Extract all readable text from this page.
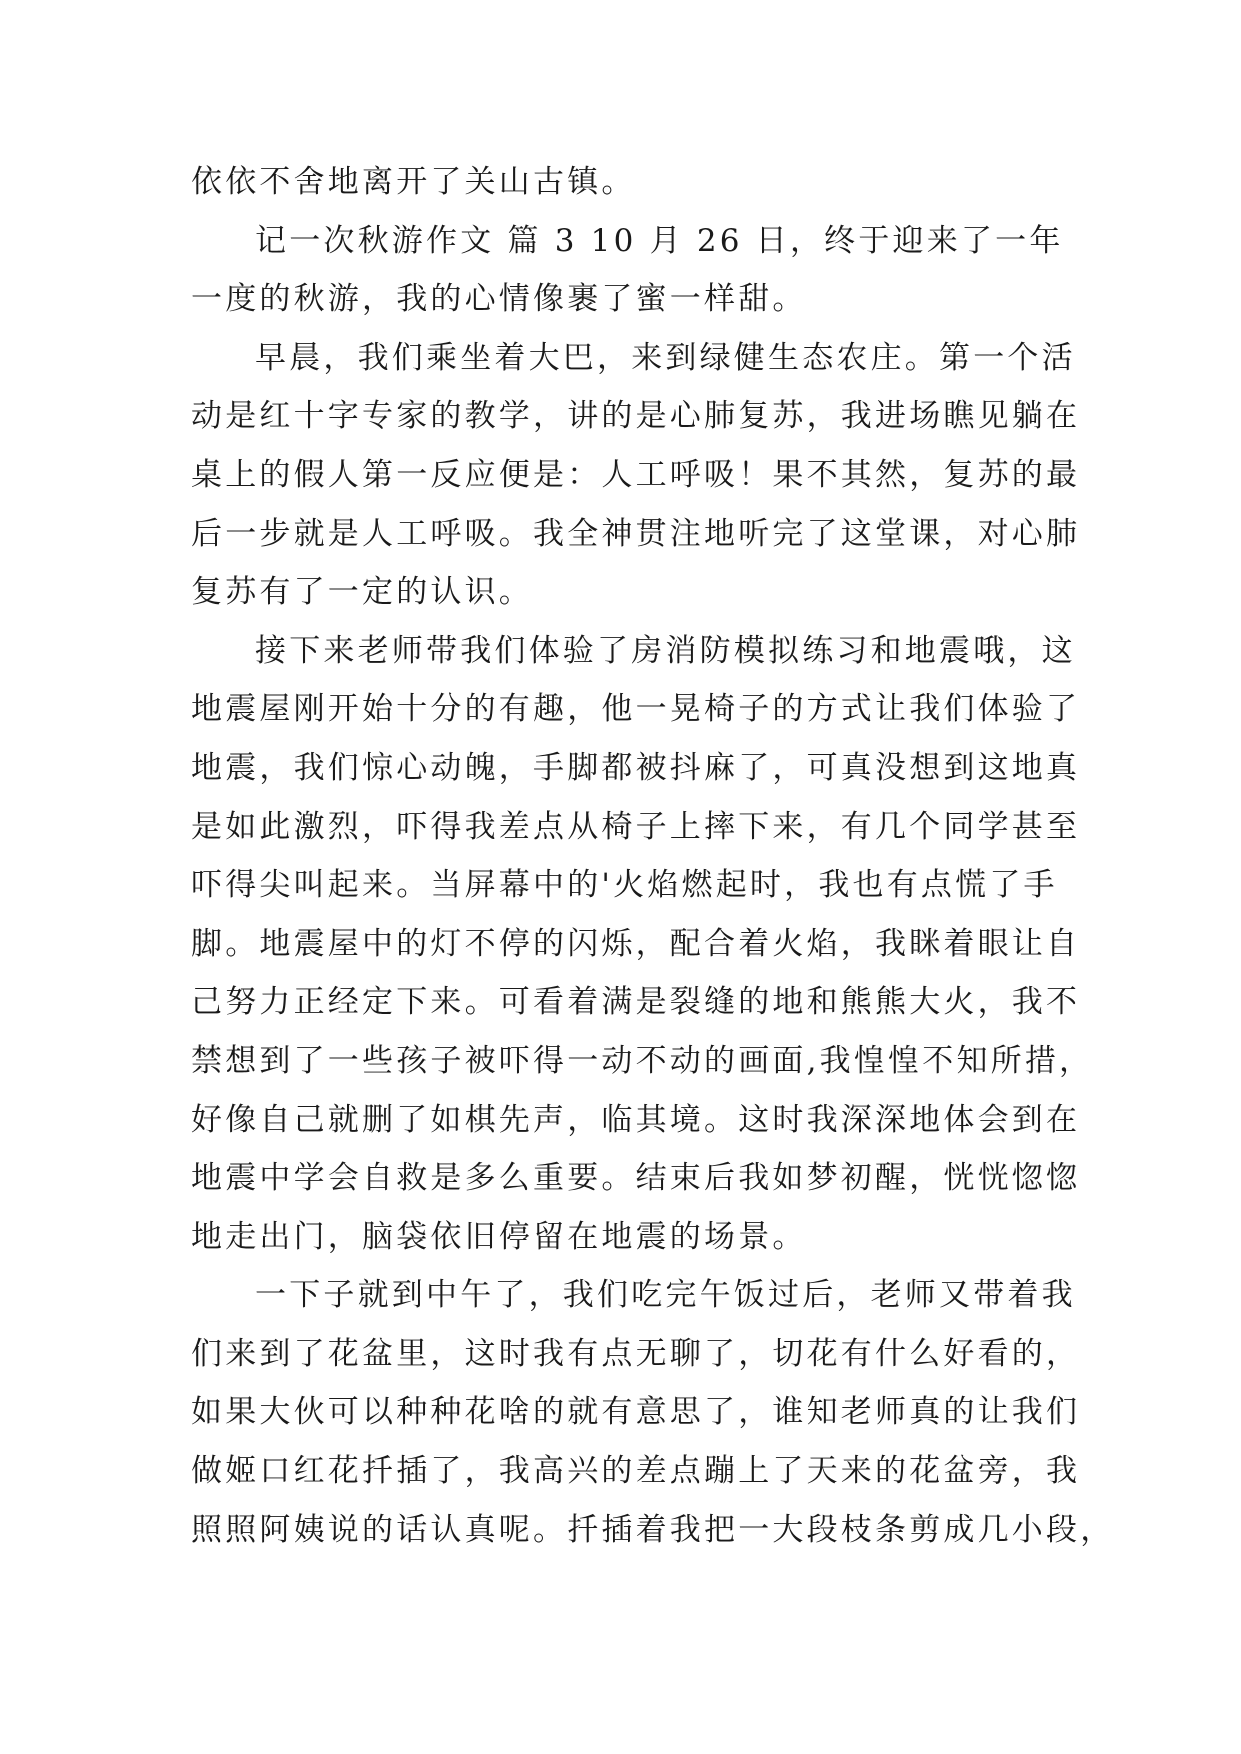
依依不舍地离开了关山古镇。
记一次秋游作文 篇 3 10 月 26 日，终于迎来了一年
一度的秋游，我的心情像裹了蜜一样甜。
早晨，我们乘坐着大巴，来到绿健生态农庄。第一个活
动是红十字专家的教学，讲的是心肺复苏，我进场瞧见躺在
桌上的假人第一反应便是：人工呼吸！果不其然，复苏的最
后一步就是人工呼吸。我全神贯注地听完了这堂课，对心肺
复苏有了一定的认识。
接下来老师带我们体验了房消防模拟练习和地震哦，这
地震屋刚开始十分的有趣，他一晃椅子的方式让我们体验了
地震，我们惊心动魄，手脚都被抖麻了，可真没想到这地真
是如此激烈，吓得我差点从椅子上摔下来，有几个同学甚至
吓得尖叫起来。当屏幕中的'火焰燃起时，我也有点慌了手
脚。地震屋中的灯不停的闪烁，配合着火焰，我眯着眼让自
己努力正经定下来。可看着满是裂缝的地和熊熊大火，我不
禁想到了一些孩子被吓得一动不动的画面,我惶惶不知所措，
好像自己就删了如棋先声，临其境。这时我深深地体会到在
地震中学会自救是多么重要。结束后我如梦初醒，恍恍惚惚
地走出门，脑袋依旧停留在地震的场景。
一下子就到中午了，我们吃完午饭过后，老师又带着我
们来到了花盆里，这时我有点无聊了，切花有什么好看的，
如果大伙可以种种花啥的就有意思了，谁知老师真的让我们
做姬口红花扦插了，我高兴的差点蹦上了天来的花盆旁，我
照照阿姨说的话认真呢。扦插着我把一大段枝条剪成几小段，
